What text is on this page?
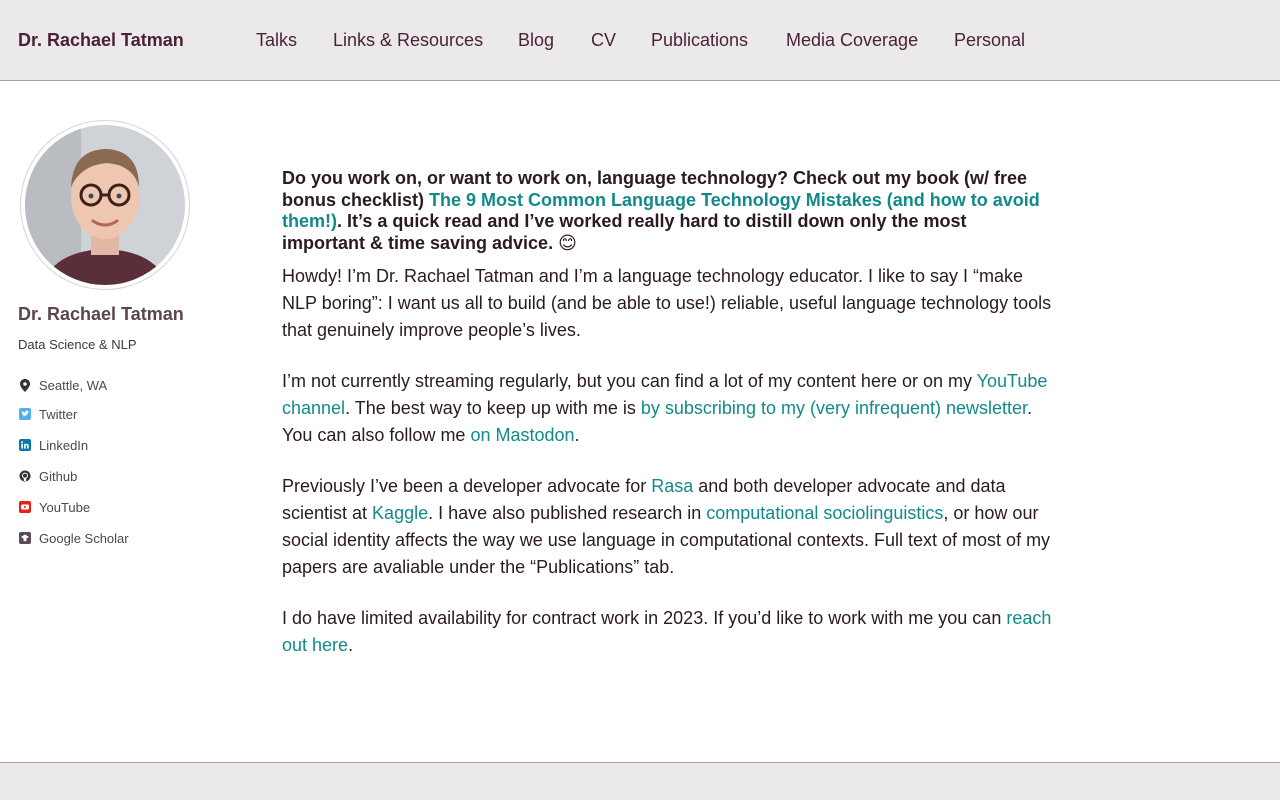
Dr. Rachael Tatman	Talks Links & Resources Blog CV Publications Media Coverage Personal
Dr. Rachael Tatman
Data Science & NLP
Seattle, WA
Twitter
LinkedIn
Github
YouTube
Google Scholar

Do you work on, or want to work on, language technology? Check out my book (w/ free bonus checklist) The 9 Most Common Language Technology Mistakes (and how to avoid them!). It’s a quick read and I’ve worked really hard to distill down only the most important & time saving advice. 😊

Howdy! I’m Dr. Rachael Tatman and I’m a language technology educator. I like to say I “make NLP boring”: I want us all to build (and be able to use!) reliable, useful language technology tools that genuinely improve people’s lives.

I’m not currently streaming regularly, but you can find a lot of my content here or on my YouTube channel. The best way to keep up with me is by subscribing to my (very infrequent) newsletter. You can also follow me on Mastodon.

Previously I’ve been a developer advocate for Rasa and both developer advocate and data scientist at Kaggle. I have also published research in computational sociolinguistics, or how our social identity affects the way we use language in computational contexts. Full text of most of my papers are avaliable under the “Publications” tab.

I do have limited availability for contract work in 2023. If you’d like to work with me you can reach out here.
